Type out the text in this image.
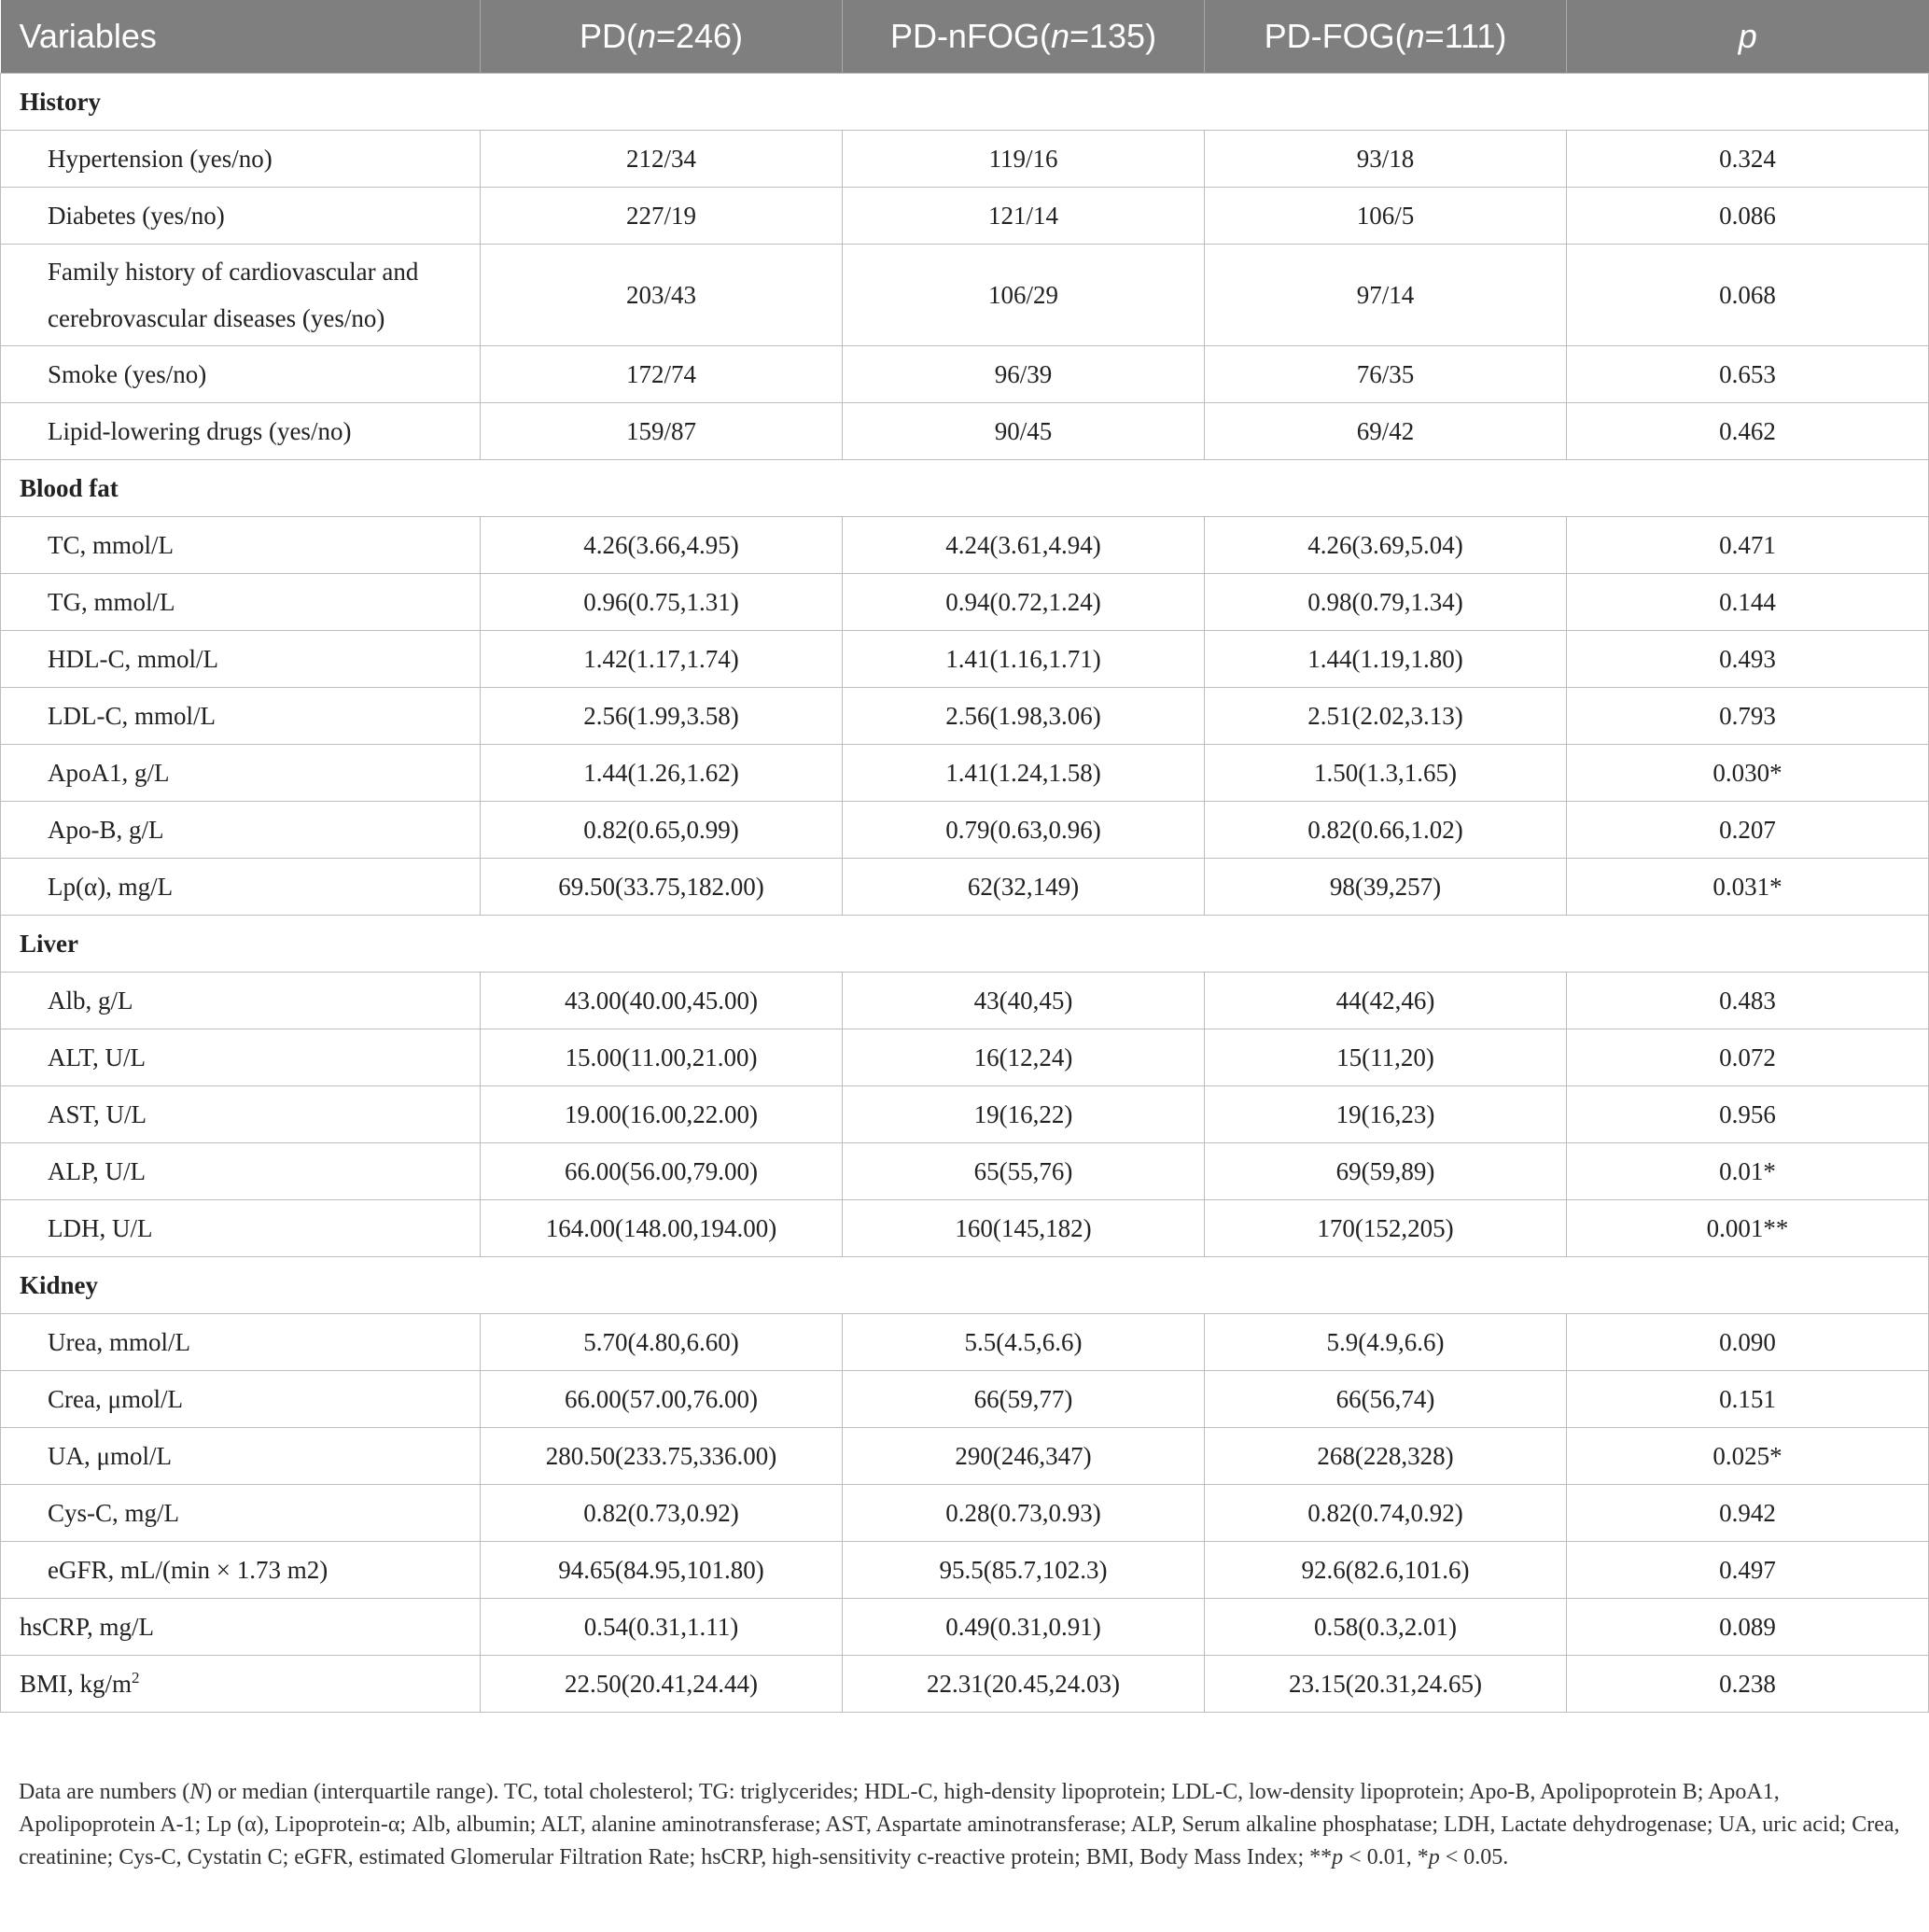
Variables	PD(n=246)	PD-nFOG(n=135)	PD-FOG(n=111)	p
History				
Hypertension (yes/no)	212/34	119/16	93/18	0.324
Diabetes (yes/no)	227/19	121/14	106/5	0.086
Family history of cardiovascular and
cerebrovascular diseases (yes/no)	203/43	106/29	97/14	0.068
Smoke (yes/no)	172/74	96/39	76/35	0.653
Lipid-lowering drugs (yes/no)	159/87	90/45	69/42	0.462
Blood fat				
TC, mmol/L	4.26(3.66,4.95)	4.24(3.61,4.94)	4.26(3.69,5.04)	0.471
TG, mmol/L	0.96(0.75,1.31)	0.94(0.72,1.24)	0.98(0.79,1.34)	0.144
HDL-C, mmol/L	1.42(1.17,1.74)	1.41(1.16,1.71)	1.44(1.19,1.80)	0.493
LDL-C, mmol/L	2.56(1.99,3.58)	2.56(1.98,3.06)	2.51(2.02,3.13)	0.793
ApoA1, g/L	1.44(1.26,1.62)	1.41(1.24,1.58)	1.50(1.3,1.65)	0.030*
Apo-B, g/L	0.82(0.65,0.99)	0.79(0.63,0.96)	0.82(0.66,1.02)	0.207
Lp(α), mg/L	69.50(33.75,182.00)	62(32,149)	98(39,257)	0.031*
Liver				
Alb, g/L	43.00(40.00,45.00)	43(40,45)	44(42,46)	0.483
ALT, U/L	15.00(11.00,21.00)	16(12,24)	15(11,20)	0.072
AST, U/L	19.00(16.00,22.00)	19(16,22)	19(16,23)	0.956
ALP, U/L	66.00(56.00,79.00)	65(55,76)	69(59,89)	0.01*
LDH, U/L	164.00(148.00,194.00)	160(145,182)	170(152,205)	0.001**
Kidney				
Urea, mmol/L	5.70(4.80,6.60)	5.5(4.5,6.6)	5.9(4.9,6.6)	0.090
Crea, μmol/L	66.00(57.00,76.00)	66(59,77)	66(56,74)	0.151
UA, μmol/L	280.50(233.75,336.00)	290(246,347)	268(228,328)	0.025*
Cys-C, mg/L	0.82(0.73,0.92)	0.28(0.73,0.93)	0.82(0.74,0.92)	0.942
eGFR, mL/(min × 1.73 m2)	94.65(84.95,101.80)	95.5(85.7,102.3)	92.6(82.6,101.6)	0.497
hsCRP, mg/L	0.54(0.31,1.11)	0.49(0.31,0.91)	0.58(0.3,2.01)	0.089
BMI, $kg/m^2$	22.50(20.41,24.44)	22.31(20.45,24.03)	23.15(20.31,24.65)	0.238
Data are numbers (N) or median (interquartile range). TC, total cholesterol; TG: triglycerides; HDL-C, high-density lipoprotein; LDL-C, low-density lipoprotein; Apo-B, Apolipoprotein B; ApoA1, Apolipoprotein A-1; Lp (α), Lipoprotein-α; Alb, albumin; ALT, alanine aminotransferase; AST, Aspartate aminotransferase; ALP, Serum alkaline phosphatase; LDH, Lactate dehydrogenase; UA, uric acid; Crea, creatinine; Cys-C, Cystatin C; eGFR, estimated Glomerular Filtration Rate; hsCRP, high-sensitivity c-reactive protein; BMI, Body Mass Index; **p < 0.01, *p < 0.05.
